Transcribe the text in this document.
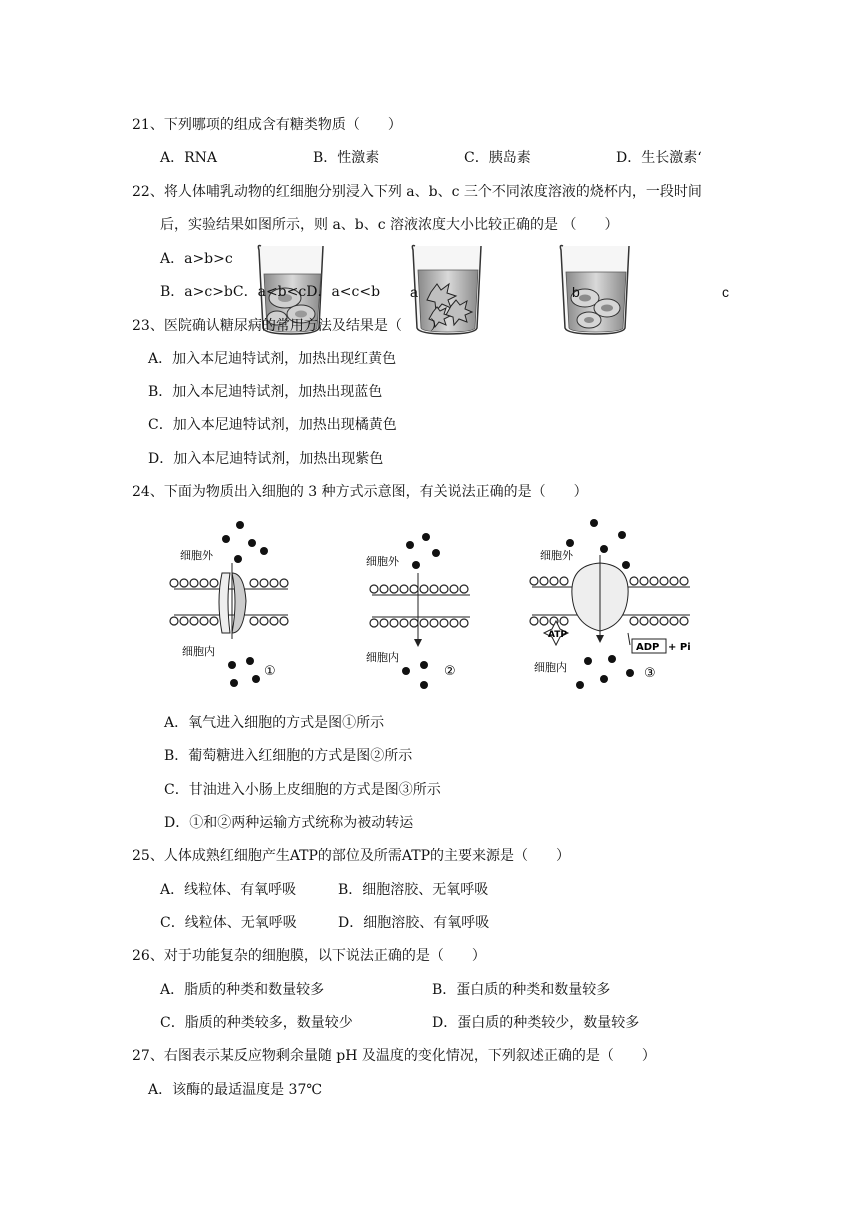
21、下列哪项的组成含有糖类物质（　　）
A．RNA	B．性激素	C．胰岛素	D．生长激素‘
22、将人体哺乳动物的红细胞分别浸入下列 a、b、c 三个不同浓度溶液的烧杯内，一段时间
后，实验结果如图所示，则 a、b、c 溶液浓度大小比较正确的是 （　　）
A．a>b>c
B．a>c>bC．a<b<cD．a<c<b a	b	c
23、医院确认糖尿病的常用方法及结果是（　　）
A．加入本尼迪特试剂，加热出现红黄色
B．加入本尼迪特试剂，加热出现蓝色
C．加入本尼迪特试剂，加热出现橘黄色
D．加入本尼迪特试剂，加热出现紫色
24、下面为物质出入细胞的 3 种方式示意图，有关说法正确的是（　　）
细胞外
细胞内
①
细胞外
细胞内
②
细胞外
ATP
ADP + Pi
细胞内	③
A．氧气进入细胞的方式是图①所示
B．葡萄糖进入红细胞的方式是图②所示
C．甘油进入小肠上皮细胞的方式是图③所示
D．①和②两种运输方式统称为被动转运
25、人体成熟红细胞产生ATP的部位及所需ATP的主要来源是（　　）
A．线粒体、有氧呼吸	B．细胞溶胶、无氧呼吸
C．线粒体、无氧呼吸	D．细胞溶胶、有氧呼吸
26、对于功能复杂的细胞膜，以下说法正确的是（　　）
A．脂质的种类和数量较多	B．蛋白质的种类和数量较多
C．脂质的种类较多，数量较少	D．蛋白质的种类较少，数量较多
27、右图表示某反应物剩余量随 pH 及温度的变化情况，下列叙述正确的是（　　）
A．该酶的最适温度是 37℃
